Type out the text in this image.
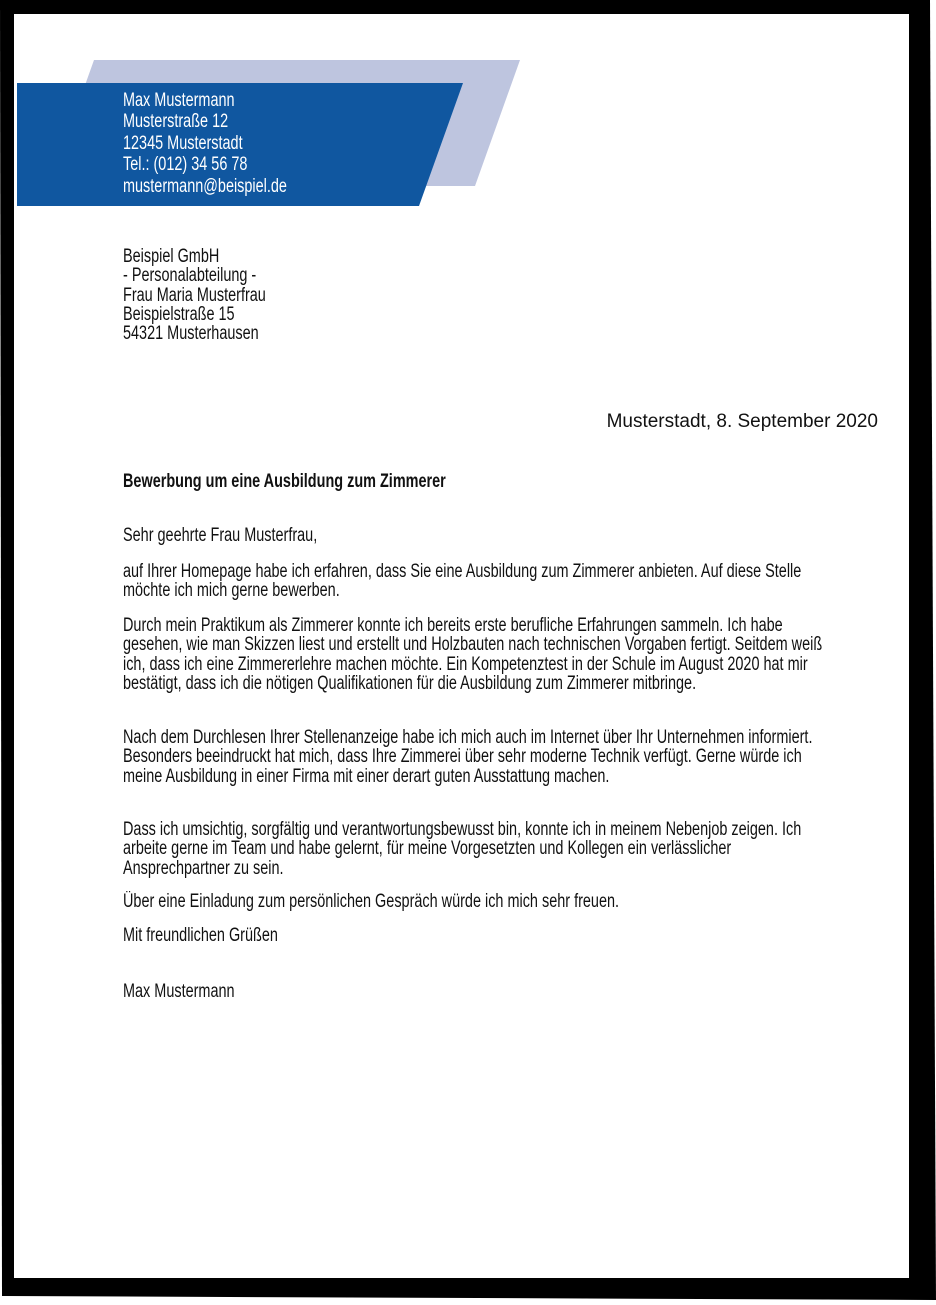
Max Mustermann
Musterstraße 12
12345 Musterstadt
Tel.: (012) 34 56 78
mustermann@beispiel.de
Beispiel GmbH
- Personalabteilung -
Frau Maria Musterfrau
Beispielstraße 15
54321 Musterhausen
Musterstadt, 8. September 2020
Bewerbung um eine Ausbildung zum Zimmerer
Sehr geehrte Frau Musterfrau,
auf Ihrer Homepage habe ich erfahren, dass Sie eine Ausbildung zum Zimmerer anbieten. Auf diese Stelle möchte ich mich gerne bewerben.
Durch mein Praktikum als Zimmerer konnte ich bereits erste berufliche Erfahrungen sammeln. Ich habe gesehen, wie man Skizzen liest und erstellt und Holzbauten nach technischen Vorgaben fertigt. Seitdem weiß ich, dass ich eine Zimmererlehre machen möchte. Ein Kompetenztest in der Schule im August 2020 hat mir bestätigt, dass ich die nötigen Qualifikationen für die Ausbildung zum Zimmerer mitbringe.
Nach dem Durchlesen Ihrer Stellenanzeige habe ich mich auch im Internet über Ihr Unternehmen informiert. Besonders beeindruckt hat mich, dass Ihre Zimmerei über sehr moderne Technik verfügt. Gerne würde ich meine Ausbildung in einer Firma mit einer derart guten Ausstattung machen.
Dass ich umsichtig, sorgfältig und verantwortungsbewusst bin, konnte ich in meinem Nebenjob zeigen. Ich arbeite gerne im Team und habe gelernt, für meine Vorgesetzten und Kollegen ein verlässlicher Ansprechpartner zu sein.
Über eine Einladung zum persönlichen Gespräch würde ich mich sehr freuen.
Mit freundlichen Grüßen
Max Mustermann
